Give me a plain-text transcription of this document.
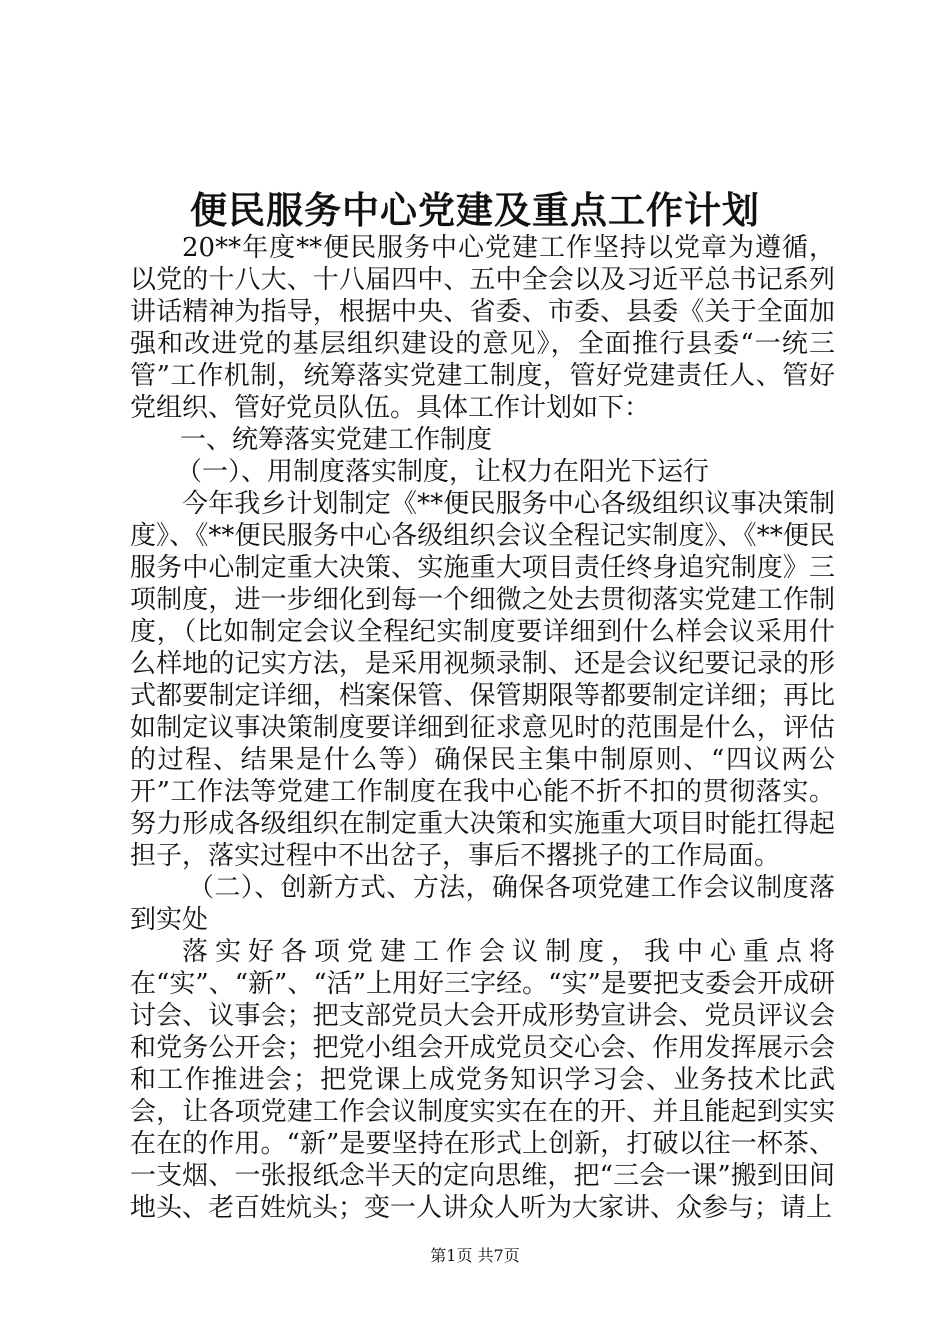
便民服务中心党建及重点工作计划

20**年度**便民服务中心党建工作坚持以党章为遵循，以党的十八大、十八届四中、五中全会以及习近平总书记系列讲话精神为指导，根据中央、省委、市委、县委《关于全面加强和改进党的基层组织建设的意见》，全面推行县委“一统三管”工作机制，统筹落实党建工制度，管好党建责任人、管好党组织、管好党员队伍。具体工作计划如下：

一、统筹落实党建工作制度

（一）、用制度落实制度，让权力在阳光下运行

今年我乡计划制定《**便民服务中心各级组织议事决策制度》、《**便民服务中心各级组织会议全程记实制度》、《**便民服务中心制定重大决策、实施重大项目责任终身追究制度》三项制度，进一步细化到每一个细微之处去贯彻落实党建工作制度，（比如制定会议全程纪实制度要详细到什么样会议采用什么样地的记实方法，是采用视频录制、还是会议纪要记录的形式都要制定详细，档案保管、保管期限等都要制定详细；再比如制定议事决策制度要详细到征求意见时的范围是什么，评估的过程、结果是什么等）确保民主集中制原则、“四议两公开”工作法等党建工作制度在我中心能不折不扣的贯彻落实。努力形成各级组织在制定重大决策和实施重大项目时能扛得起担子，落实过程中不出岔子，事后不撂挑子的工作局面。

（二）、创新方式、方法，确保各项党建工作会议制度落到实处

落实好各项党建工作会议制度，我中心重点将在“实”、“新”、“活”上用好三字经。“实”是要把支委会开成研讨会、议事会；把支部党员大会开成形势宣讲会、党员评议会和党务公开会；把党小组会开成党员交心会、作用发挥展示会和工作推进会；把党课上成党务知识学习会、业务技术比武会，让各项党建工作会议制度实实在在的开、并且能起到实实在在的作用。“新”是要坚持在形式上创新，打破以往一杯茶、一支烟、一张报纸念半天的定向思维，把“三会一课”搬到田间地头、老百姓炕头；变一人讲众人听为大家讲、众参与；请上

第1页 共7页
